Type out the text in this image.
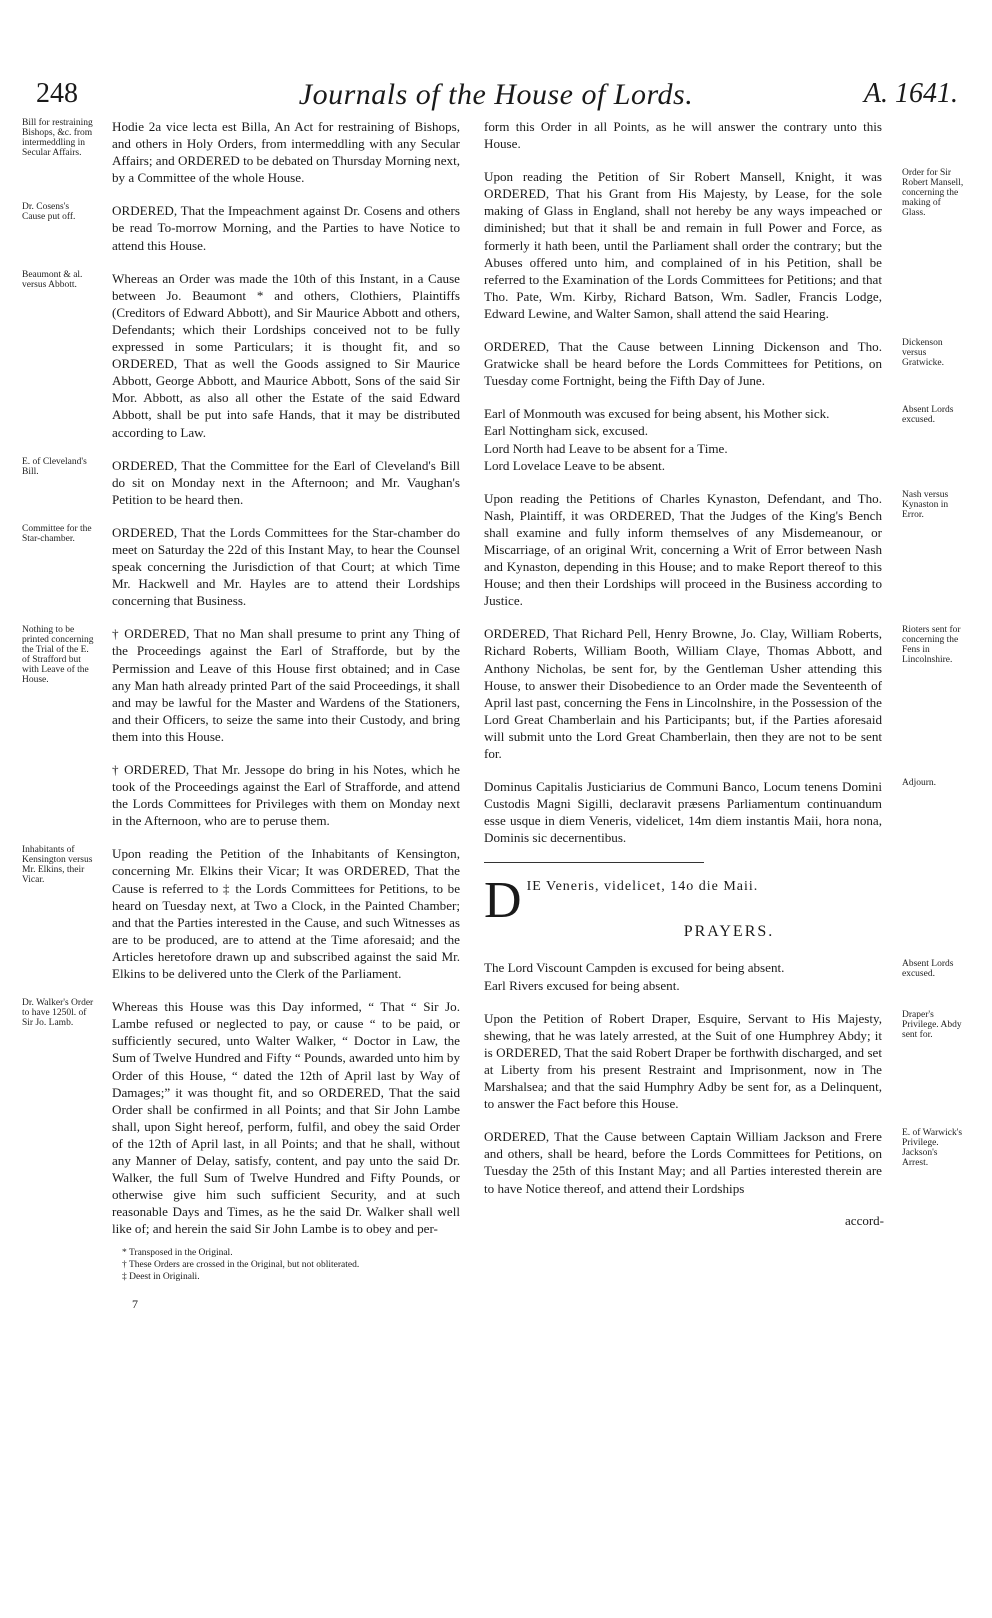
248	Journals of the House of Lords.	A. 1641.
Bill for restraining Bishops, &c. from intermeddling in Secular Affairs.
Hodie 2a vice lecta est Billa, An Act for restraining of Bishops, and others in Holy Orders, from intermeddling with any Secular Affairs; and ORDERED to be debated on Thursday Morning next, by a Committee of the whole House.
Dr. Cosens's Cause put off.	ORDERED, That the Impeachment against Dr. Cosens and others be read To-morrow Morning, and the Parties to have Notice to attend this House.
Beaumont & al. versus Abbott.	Whereas an Order was made the 10th of this Instant, in a Cause between Jo. Beaumont * and others, Clothiers, Plaintiffs (Creditors of Edward Abbott), and Sir Maurice Abbott and others, Defendants; which their Lordships conceived not to be fully expressed in some Particulars; it is thought fit, and so ORDERED, That as well the Goods assigned to Sir Maurice Abbott, George Abbott, and Maurice Abbott, Sons of the said Sir Mor. Abbott, as also all other the Estate of the said Edward Abbott, shall be put into safe Hands, that it may be distributed according to Law.
E. of Cleveland's Bill.	ORDERED, That the Committee for the Earl of Cleveland's Bill do sit on Monday next in the Afternoon; and Mr. Vaughan's Petition to be heard then.
Committee for the Star-chamber.	ORDERED, That the Lords Committees for the Star-chamber do meet on Saturday the 22d of this Instant May, to hear the Counsel speak concerning the Jurisdiction of that Court; at which Time Mr. Hackwell and Mr. Hayles are to attend their Lordships concerning that Business.
Nothing to be printed concerning the Trial of the E. of Strafford but with Leave of the House.
† ORDERED, That no Man shall presume to print any Thing of the Proceedings against the Earl of Strafforde, but by the Permission and Leave of this House first obtained; and in Case any Man hath already printed Part of the said Proceedings, it shall and may be lawful for the Master and Wardens of the Stationers, and their Officers, to seize the same into their Custody, and bring them into this House.
† ORDERED, That Mr. Jessope do bring in his Notes, which he took of the Proceedings against the Earl of Strafforde, and attend the Lords Committees for Privileges with them on Monday next in the Afternoon, who are to peruse them.
Inhabitants of Kensington versus Mr. Elkins, their Vicar.
Upon reading the Petition of the Inhabitants of Kensington, concerning Mr. Elkins their Vicar; It was ORDERED, That the Cause is referred to ‡ the Lords Committees for Petitions, to be heard on Tuesday next, at Two a Clock, in the Painted Chamber; and that the Parties interested in the Cause, and such Witnesses as are to be produced, are to attend at the Time aforesaid; and the Articles heretofore drawn up and subscribed against the said Mr. Elkins to be delivered unto the Clerk of the Parliament.
Dr. Walker's Order to have 1250l. of Sir Jo. Lamb.
Whereas this House was this Day informed, “ That “ Sir Jo. Lambe refused or neglected to pay, or cause “ to be paid, or sufficiently secured, unto Walter Walker, “ Doctor in Law, the Sum of Twelve Hundred and Fifty “ Pounds, awarded unto him by Order of this House, “ dated the 12th of April last by Way of Damages;” it was thought fit, and so ORDERED, That the said Order shall be confirmed in all Points; and that Sir John Lambe shall, upon Sight hereof, perform, fulfil, and obey the said Order of the 12th of April last, in all Points; and that he shall, without any Manner of Delay, satisfy, content, and pay unto the said Dr. Walker, the full Sum of Twelve Hundred and Fifty Pounds, or otherwise give him such sufficient Security, and at such reasonable Days and Times, as he the said Dr. Walker shall well like of; and herein the said Sir John Lambe is to obey and per-

* Transposed in the Original.

† These Orders are crossed in the Original, but not obliterated.

‡ Deest in Originali.

7
form this Order in all Points, as he will answer the contrary unto this House.
Order for Sir Robert Mansell, concerning the making of Glass.
Upon reading the Petition of Sir Robert Mansell, Knight, it was ORDERED, That his Grant from His Majesty, by Lease, for the sole making of Glass in England, shall not hereby be any ways impeached or diminished; but that it shall be and remain in full Power and Force, as formerly it hath been, until the Parliament shall order the contrary; but the Abuses offered unto him, and complained of in his Petition, shall be referred to the Examination of the Lords Committees for Petitions; and that Tho. Pate, Wm. Kirby, Richard Batson, Wm. Sadler, Francis Lodge, Edward Lewine, and Walter Samon, shall attend the said Hearing.
Dickenson versus Gratwicke.
ORDERED, That the Cause between Linning Dickenson and Tho. Gratwicke shall be heard before the Lords Committees for Petitions, on Tuesday come Fortnight, being the Fifth Day of June.
Absent Lords excused.
Earl of Monmouth was excused for being absent, his Mother sick.
Earl Nottingham sick, excused.
Lord North had Leave to be absent for a Time.
Lord Lovelace Leave to be absent.
Nash versus Kynaston in Error.
Upon reading the Petitions of Charles Kynaston, Defendant, and Tho. Nash, Plaintiff, it was ORDERED, That the Judges of the King's Bench shall examine and fully inform themselves of any Misdemeanour, or Miscarriage, of an original Writ, concerning a Writ of Error between Nash and Kynaston, depending in this House; and to make Report thereof to this House; and then their Lordships will proceed in the Business according to Justice.
Rioters sent for concerning the Fens in Lincolnshire.
ORDERED, That Richard Pell, Henry Browne, Jo. Clay, William Roberts, Richard Roberts, William Booth, William Claye, Thomas Abbott, and Anthony Nicholas, be sent for, by the Gentleman Usher attending this House, to answer their Disobedience to an Order made the Seventeenth of April last past, concerning the Fens in Lincolnshire, in the Possession of the Lord Great Chamberlain and his Participants; but, if the Parties aforesaid will submit unto the Lord Great Chamberlain, then they are not to be sent for.
Adjourn.
Dominus Capitalis Justiciarius de Communi Banco, Locum tenens Domini Custodis Magni Sigilli, declaravit præsens Parliamentum continuandum esse usque in diem Veneris, videlicet, 14m diem instantis Maii, hora nona, Dominis sic decernentibus.
DIE Veneris, videlicet, 14o die Maii.
PRAYERS.
Absent Lords excused.
The Lord Viscount Campden is excused for being absent.
Earl Rivers excused for being absent.
Draper's Privilege. Abdy sent for.
Upon the Petition of Robert Draper, Esquire, Servant to His Majesty, shewing, that he was lately arrested, at the Suit of one Humphrey Abdy; it is ORDERED, That the said Robert Draper be forthwith discharged, and set at Liberty from his present Restraint and Imprisonment, now in The Marshalsea; and that the said Humphry Adby be sent for, as a Delinquent, to answer the Fact before this House.
E. of Warwick's Privilege. Jackson's Arrest.
ORDERED, That the Cause between Captain William Jackson and Frere and others, shall be heard, before the Lords Committees for Petitions, on Tuesday the 25th of this Instant May; and all Parties interested therein are to have Notice thereof, and attend their Lordships
accord-
